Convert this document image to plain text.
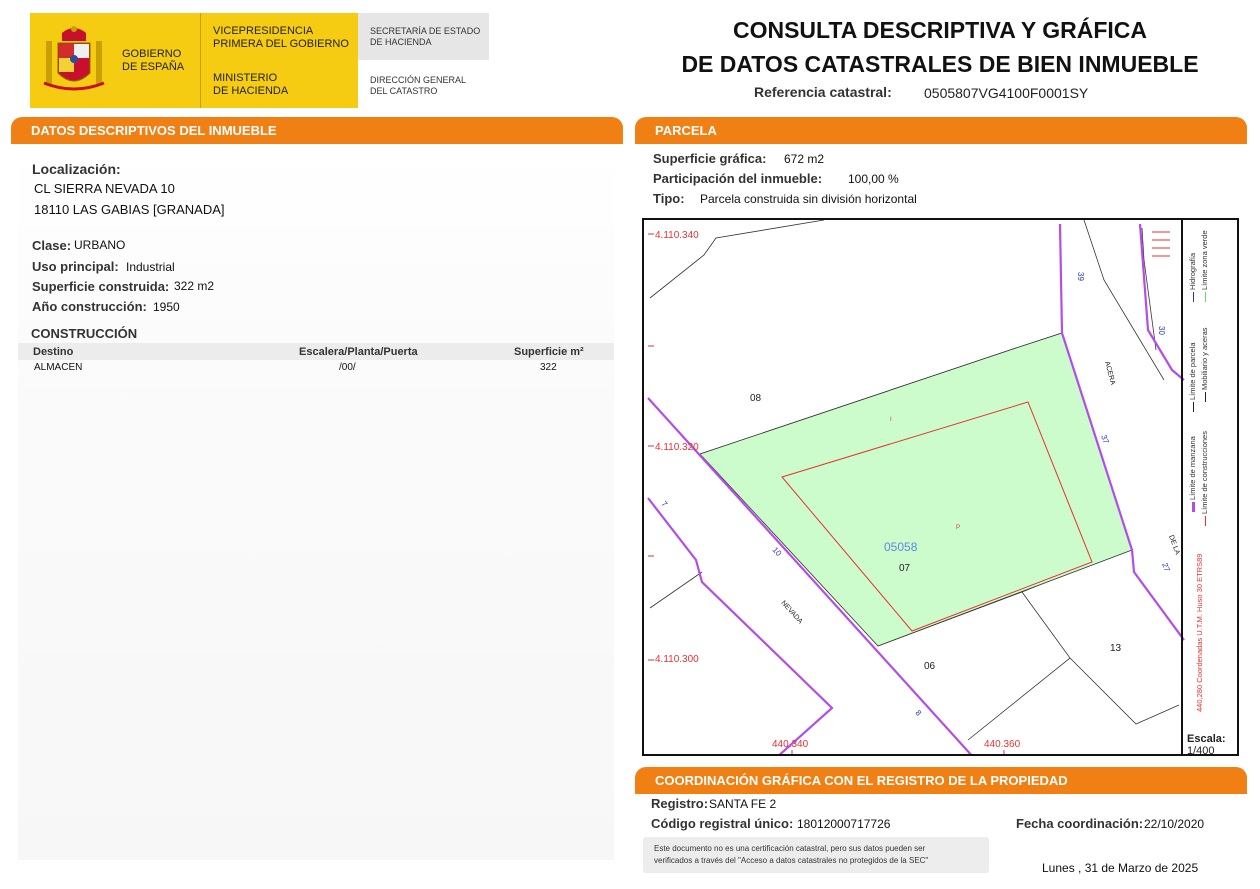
GOBIERNO
DE ESPAÑA
VICEPRESIDENCIA
PRIMERA DEL GOBIERNO
MINISTERIO
DE HACIENDA
SECRETARÍA DE ESTADO
DE HACIENDA
DIRECCIÓN GENERAL
DEL CATASTRO
CONSULTA DESCRIPTIVA Y GRÁFICA
DE DATOS CATASTRALES DE BIEN INMUEBLE
Referencia catastral: 0505807VG4100F0001SY
DATOS DESCRIPTIVOS DEL INMUEBLE
Localización:
CL SIERRA NEVADA 10
18110 LAS GABIAS [GRANADA]
Clase: URBANO
Uso principal: Industrial
Superficie construida: 322 m2
Año construcción: 1950
CONSTRUCCIÓN
Destino	Escalera/Planta/Puerta	Superficie m²
ALMACEN	/00/	322
PARCELA
Superficie gráfica: 672 m2
Participación del inmueble: 100,00 %
Tipo: Parcela construida sin división horizontal
4.110.340
4.110.320
4.110.300
440.340	440.360
05058
08
07
06
13
39
30
37
27
10
8
7
ACERA
NEVADA
DE LA
I
P
Límite de manzana
Límite de parcela
Hidrografía
Límite de construcciones
Mobiliario y aceras
Límite zona verde
440,280 Coordenadas U.T.M. Huso 30 ETRS89
Escala:
1/400
COORDINACIÓN GRÁFICA CON EL REGISTRO DE LA PROPIEDAD
Registro: SANTA FE 2
Código registral único: 18012000717726	Fecha coordinación: 22/10/2020
Este documento no es una certificación catastral, pero sus datos pueden ser
verificados a través del "Acceso a datos catastrales no protegidos de la SEC"
Lunes , 31 de Marzo de 2025
